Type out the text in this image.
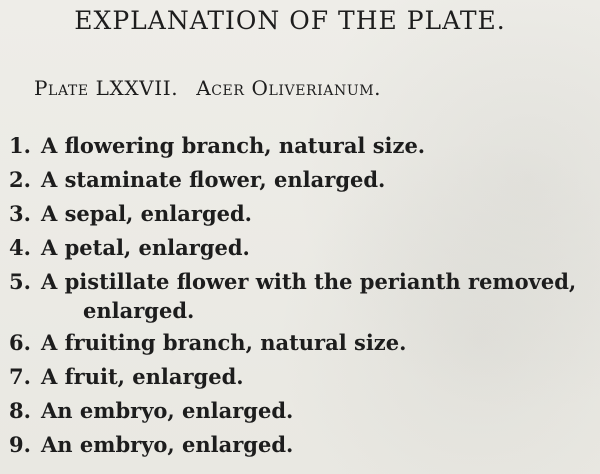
EXPLANATION OF THE PLATE.
Plate LXXVII. Acer Oliverianum.
1. A flowering branch, natural size.
2. A staminate flower, enlarged.
3. A sepal, enlarged.
4. A petal, enlarged.
5. A pistillate flower with the perianth removed,
enlarged.
6. A fruiting branch, natural size.
7. A fruit, enlarged.
8. An embryo, enlarged.
9. An embryo, enlarged.
